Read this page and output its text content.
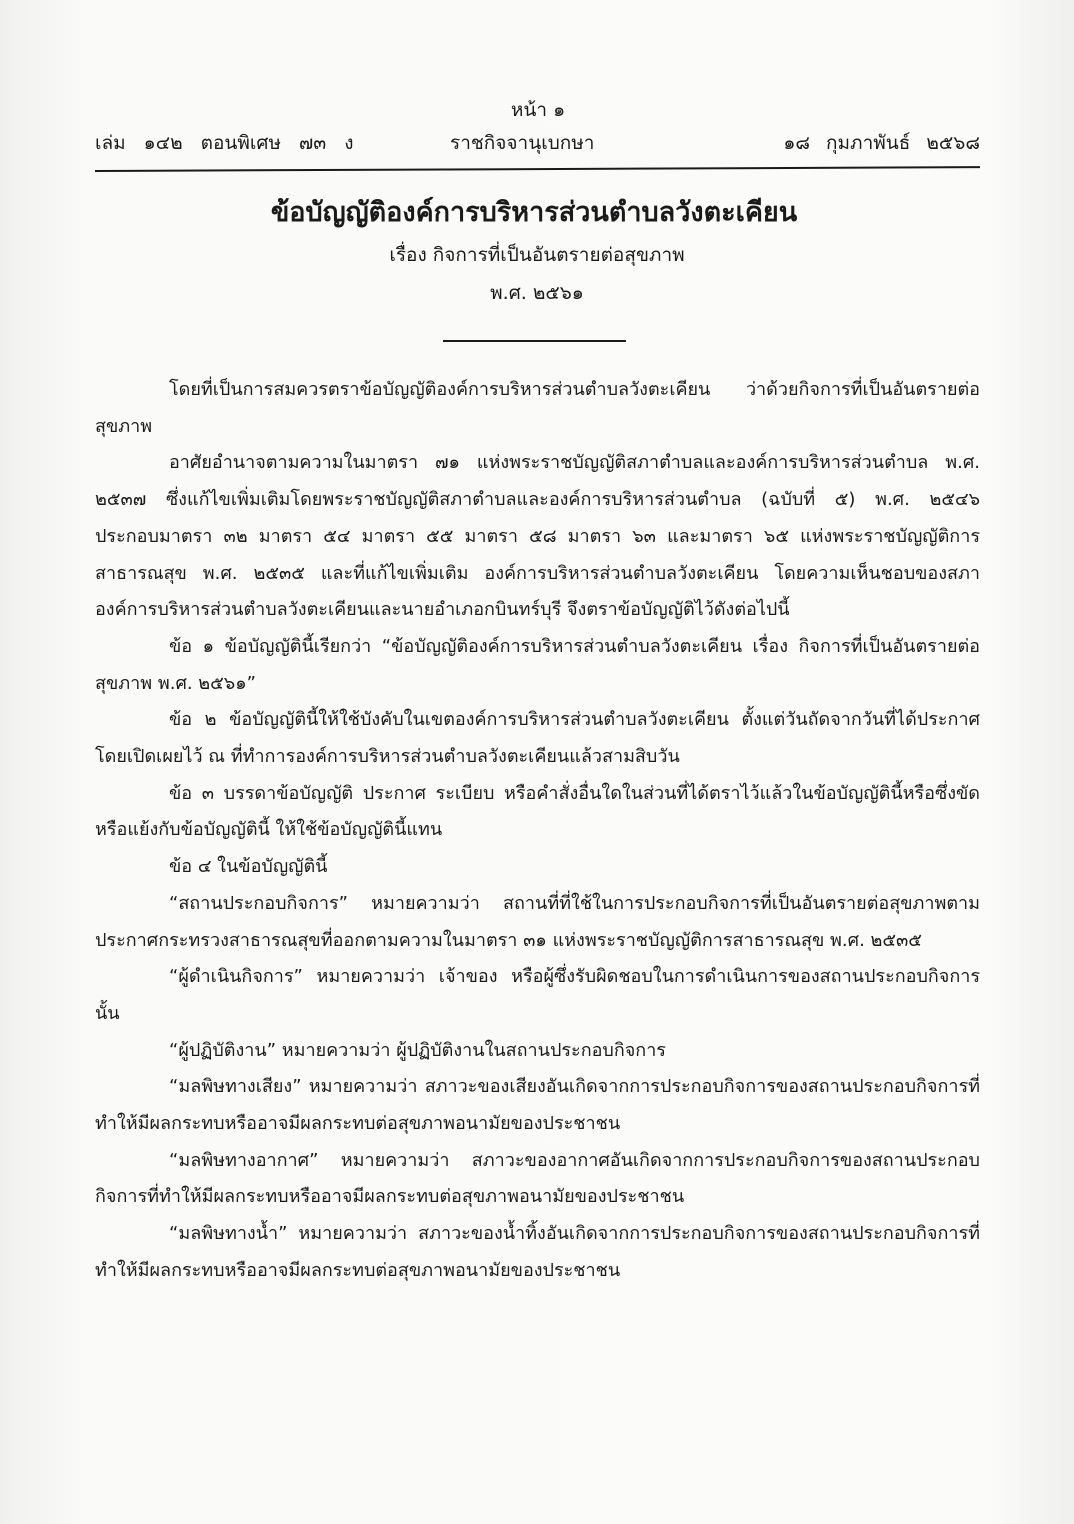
หน้า ๑
เล่ม ๑๔๒ ตอนพิเศษ ๗๓ ง	ราชกิจจานุเบกษา	๑๘ กุมภาพันธ์ ๒๕๖๘
ข้อบัญญัติองค์การบริหารส่วนตำบลวังตะเคียน
เรื่อง กิจการที่เป็นอันตรายต่อสุขภาพ
พ.ศ. ๒๕๖๑

โดยที่เป็นการสมควรตราข้อบัญญัติองค์การบริหารส่วนตำบลวังตะเคียน ว่าด้วยกิจการที่เป็นอันตรายต่อสุขภาพ

อาศัยอำนาจตามความในมาตรา ๗๑ แห่งพระราชบัญญัติสภาตำบลและองค์การบริหารส่วนตำบล พ.ศ. ๒๕๓๗ ซึ่งแก้ไขเพิ่มเติมโดยพระราชบัญญัติสภาตำบลและองค์การบริหารส่วนตำบล (ฉบับที่ ๕) พ.ศ. ๒๕๔๖ ประกอบมาตรา ๓๒ มาตรา ๕๔ มาตรา ๕๕ มาตรา ๕๘ มาตรา ๖๓ และมาตรา ๖๕ แห่งพระราชบัญญัติการสาธารณสุข พ.ศ. ๒๕๓๕ และที่แก้ไขเพิ่มเติม องค์การบริหารส่วนตำบลวังตะเคียน โดยความเห็นชอบของสภาองค์การบริหารส่วนตำบลวังตะเคียนและนายอำเภอกบินทร์บุรี จึงตราข้อบัญญัติไว้ดังต่อไปนี้

ข้อ ๑ ข้อบัญญัตินี้เรียกว่า “ข้อบัญญัติองค์การบริหารส่วนตำบลวังตะเคียน เรื่อง กิจการที่เป็นอันตรายต่อสุขภาพ พ.ศ. ๒๕๖๑”

ข้อ ๒ ข้อบัญญัตินี้ให้ใช้บังคับในเขตองค์การบริหารส่วนตำบลวังตะเคียน ตั้งแต่วันถัดจากวันที่ได้ประกาศโดยเปิดเผยไว้ ณ ที่ทำการองค์การบริหารส่วนตำบลวังตะเคียนแล้วสามสิบวัน

ข้อ ๓ บรรดาข้อบัญญัติ ประกาศ ระเบียบ หรือคำสั่งอื่นใดในส่วนที่ได้ตราไว้แล้วในข้อบัญญัตินี้หรือซึ่งขัดหรือแย้งกับข้อบัญญัตินี้ ให้ใช้ข้อบัญญัตินี้แทน

ข้อ ๔ ในข้อบัญญัตินี้

“สถานประกอบกิจการ” หมายความว่า สถานที่ที่ใช้ในการประกอบกิจการที่เป็นอันตรายต่อสุขภาพตามประกาศกระทรวงสาธารณสุขที่ออกตามความในมาตรา ๓๑ แห่งพระราชบัญญัติการสาธารณสุข พ.ศ. ๒๕๓๕

“ผู้ดำเนินกิจการ” หมายความว่า เจ้าของ หรือผู้ซึ่งรับผิดชอบในการดำเนินการของสถานประกอบกิจการนั้น

“ผู้ปฏิบัติงาน” หมายความว่า ผู้ปฏิบัติงานในสถานประกอบกิจการ

“มลพิษทางเสียง” หมายความว่า สภาวะของเสียงอันเกิดจากการประกอบกิจการของสถานประกอบกิจการที่ทำให้มีผลกระทบหรืออาจมีผลกระทบต่อสุขภาพอนามัยของประชาชน

“มลพิษทางอากาศ” หมายความว่า สภาวะของอากาศอันเกิดจากการประกอบกิจการของสถานประกอบกิจการที่ทำให้มีผลกระทบหรืออาจมีผลกระทบต่อสุขภาพอนามัยของประชาชน

“มลพิษทางน้ำ” หมายความว่า สภาวะของน้ำทิ้งอันเกิดจากการประกอบกิจการของสถานประกอบกิจการที่ทำให้มีผลกระทบหรืออาจมีผลกระทบต่อสุขภาพอนามัยของประชาชน
